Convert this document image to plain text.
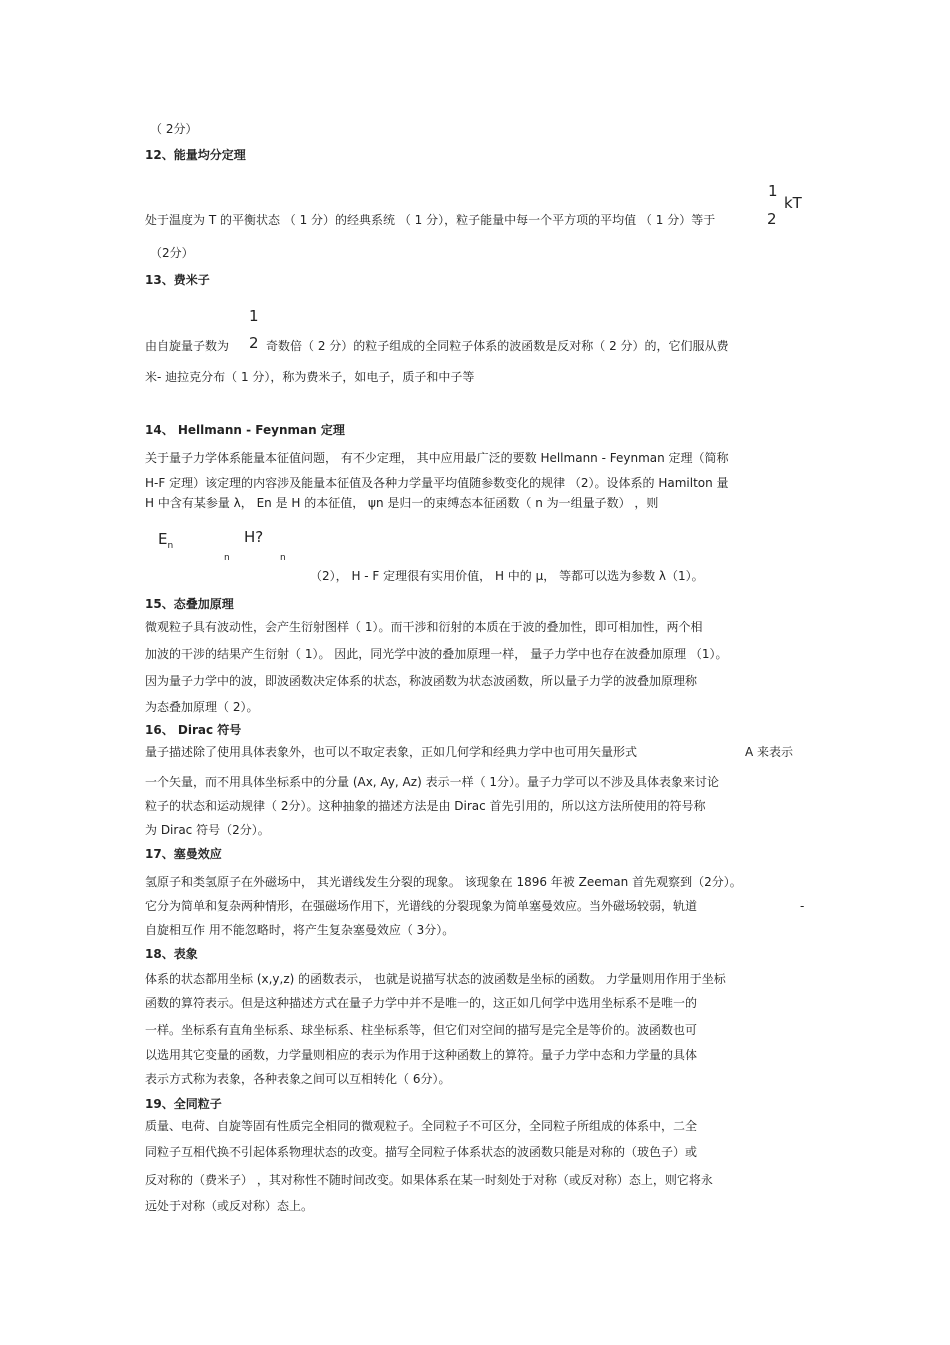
（ 2分）
12、能量均分定理
1
kT
处于温度为 T 的平衡状态 （ 1 分）的经典系统 （ 1 分），粒子能量中每一个平方项的平均值 （ 1 分）等于	2
（2分）
13、费米子
1
由自旋量子数为 2 奇数倍（ 2 分）的粒子组成的全同粒子体系的波函数是反对称（ 2 分）的，它们服从费
米- 迪拉克分布（ 1 分），称为费米子，如电子，质子和中子等
14、 Hellmann - Feynman 定理
关于量子力学体系能量本征值问题， 有不少定理， 其中应用最广泛的要数 Hellmann - Feynman 定理（简称
H-F 定理）该定理的内容涉及能量本征值及各种力学量平均值随参数变化的规律 （2）。设体系的 Hamilton 量
H 中含有某参量 λ， En 是 H 的本征值， ψn 是归一的束缚态本征函数（ n 为一组量子数） ，则
$E_n$	H?
n	n
（2）， H - F 定理很有实用价值， H 中的 μ， 等都可以选为参数 λ（1）。
15、态叠加原理
微观粒子具有波动性，会产生衍射图样（ 1）。而干涉和衍射的本质在于波的叠加性，即可相加性，两个相
加波的干涉的结果产生衍射（ 1）。 因此，同光学中波的叠加原理一样， 量子力学中也存在波叠加原理 （1）。
因为量子力学中的波，即波函数决定体系的状态，称波函数为状态波函数，所以量子力学的波叠加原理称
为态叠加原理（ 2）。
16、 Dirac 符号
量子描述除了使用具体表象外，也可以不取定表象，正如几何学和经典力学中也可用矢量形式	A 来表示
一个矢量，而不用具体坐标系中的分量 (Ax, Ay, Az) 表示一样（ 1分）。量子力学可以不涉及具体表象来讨论
粒子的状态和运动规律（ 2分）。这种抽象的描述方法是由 Dirac 首先引用的，所以这方法所使用的符号称
为 Dirac 符号（2分）。
17、塞曼效应
氢原子和类氢原子在外磁场中， 其光谱线发生分裂的现象。 该现象在 1896 年被 Zeeman 首先观察到（2分）。
它分为简单和复杂两种情形，在强磁场作用下，光谱线的分裂现象为简单塞曼效应。当外磁场较弱，轨道	-
自旋相互作 用不能忽略时，将产生复杂塞曼效应（ 3分）。
18、表象
体系的状态都用坐标 (x,y,z) 的函数表示， 也就是说描写状态的波函数是坐标的函数。 力学量则用作用于坐标
函数的算符表示。但是这种描述方式在量子力学中并不是唯一的，这正如几何学中选用坐标系不是唯一的
一样。坐标系有直角坐标系、球坐标系、柱坐标系等，但它们对空间的描写是完全是等价的。波函数也可
以选用其它变量的函数，力学量则相应的表示为作用于这种函数上的算符。量子力学中态和力学量的具体
表示方式称为表象，各种表象之间可以互相转化（ 6分）。
19、全同粒子
质量、电荷、自旋等固有性质完全相同的微观粒子。全同粒子不可区分，全同粒子所组成的体系中，二全
同粒子互相代换不引起体系物理状态的改变。描写全同粒子体系状态的波函数只能是对称的（玻色子）或
反对称的（费米子） ，其对称性不随时间改变。如果体系在某一时刻处于对称（或反对称）态上，则它将永
远处于对称（或反对称）态上。
